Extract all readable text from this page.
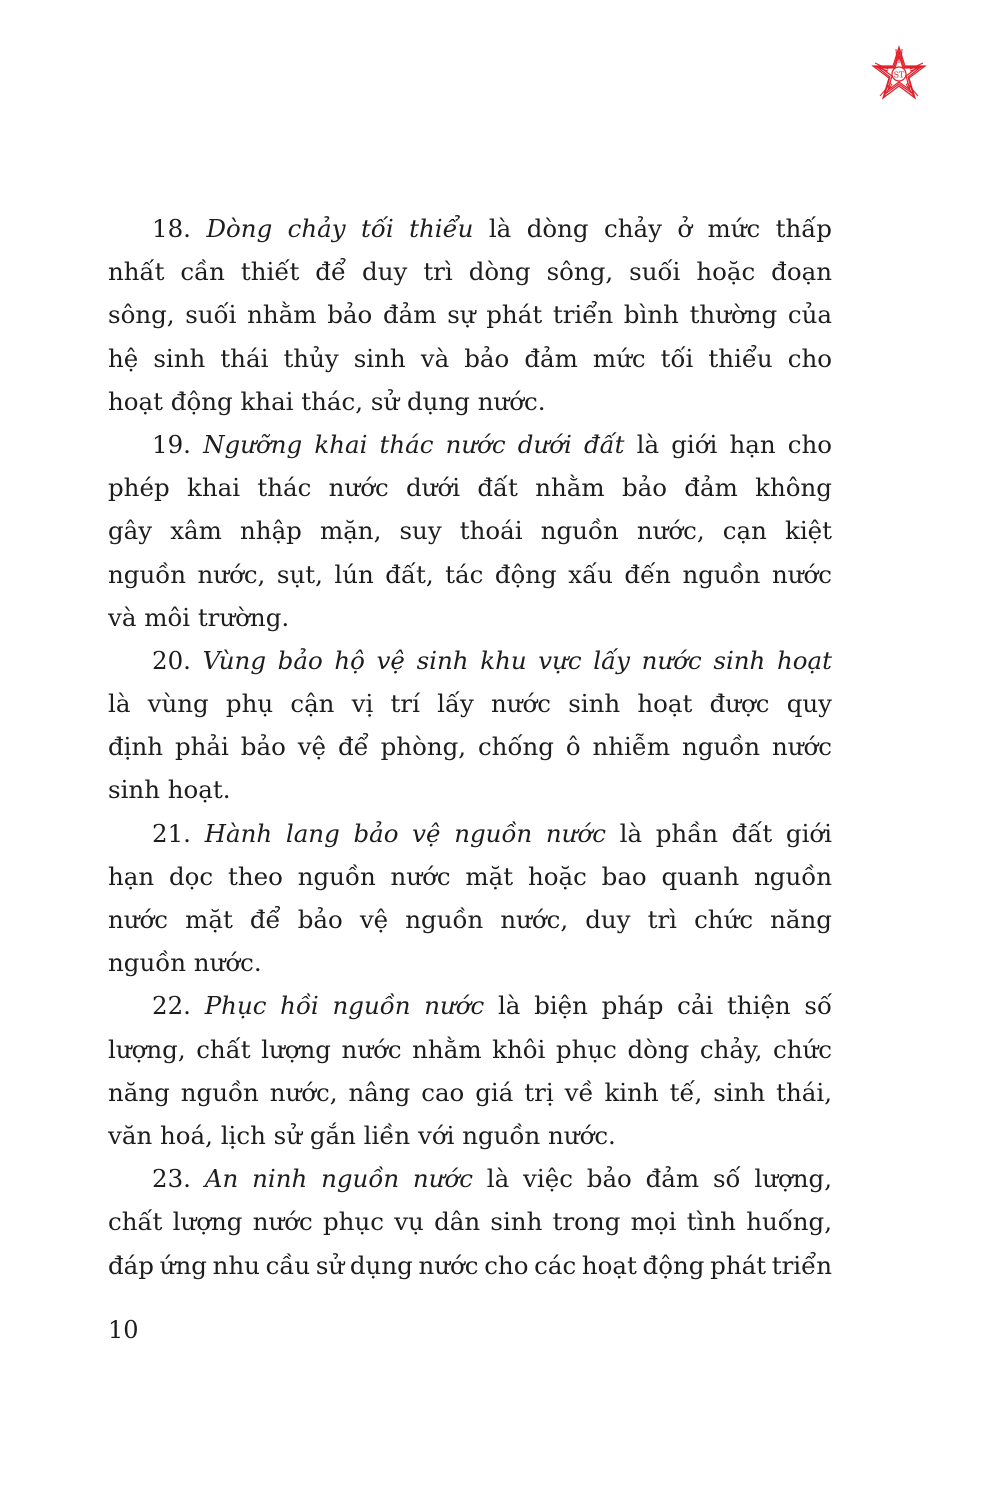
ST
18. Dòng chảy tối thiểu là dòng chảy ở mức thấp
nhất cần thiết để duy trì dòng sông, suối hoặc đoạn
sông, suối nhằm bảo đảm sự phát triển bình thường của
hệ sinh thái thủy sinh và bảo đảm mức tối thiểu cho
hoạt động khai thác, sử dụng nước.
19. Ngưỡng khai thác nước dưới đất là giới hạn cho
phép khai thác nước dưới đất nhằm bảo đảm không
gây xâm nhập mặn, suy thoái nguồn nước, cạn kiệt
nguồn nước, sụt, lún đất, tác động xấu đến nguồn nước
và môi trường.
20. Vùng bảo hộ vệ sinh khu vực lấy nước sinh hoạt
là vùng phụ cận vị trí lấy nước sinh hoạt được quy
định phải bảo vệ để phòng, chống ô nhiễm nguồn nước
sinh hoạt.
21. Hành lang bảo vệ nguồn nước là phần đất giới
hạn dọc theo nguồn nước mặt hoặc bao quanh nguồn
nước mặt để bảo vệ nguồn nước, duy trì chức năng
nguồn nước.
22. Phục hồi nguồn nước là biện pháp cải thiện số
lượng, chất lượng nước nhằm khôi phục dòng chảy, chức
năng nguồn nước, nâng cao giá trị về kinh tế, sinh thái,
văn hoá, lịch sử gắn liền với nguồn nước.
23. An ninh nguồn nước là việc bảo đảm số lượng,
chất lượng nước phục vụ dân sinh trong mọi tình huống,
đáp ứng nhu cầu sử dụng nước cho các hoạt động phát triển
10
